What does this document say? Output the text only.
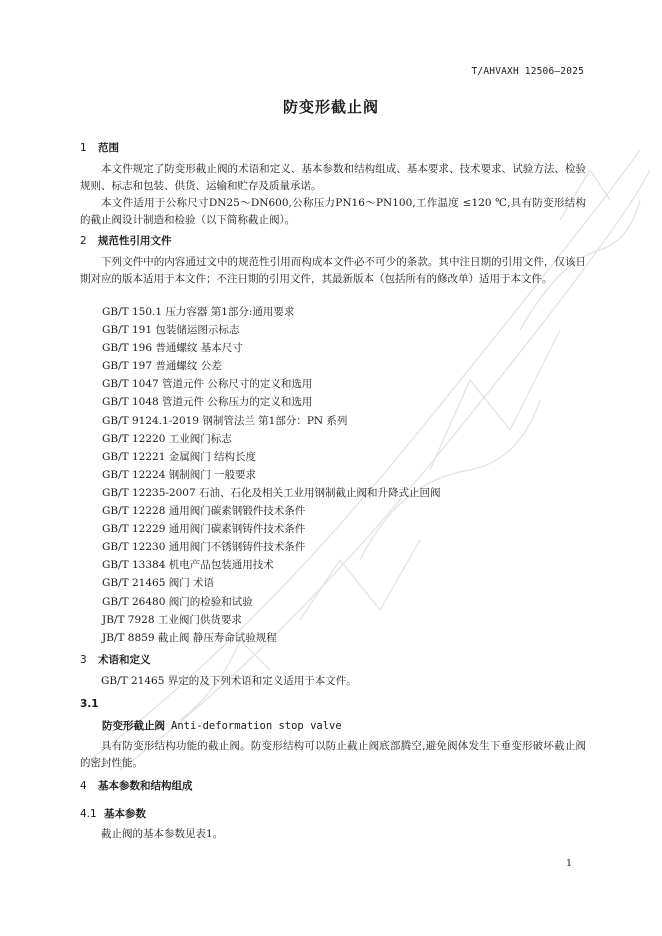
T/AHVAXH 12506—2025
防变形截止阀
1 范围
本文件规定了防变形截止阀的术语和定义、基本参数和结构组成、基本要求、技术要求、试验方法、检验规则、标志和包装、供货、运输和贮存及质量承诺。
本文件适用于公称尺寸DN25～DN600,公称压力PN16～PN100,工作温度 ≤120 ℃,具有防变形结构的截止阀设计制造和检验（以下简称截止阀）。
2 规范性引用文件
下列文件中的内容通过文中的规范性引用而构成本文件必不可少的条款。其中注日期的引用文件，仅该日期对应的版本适用于本文件；不注日期的引用文件，其最新版本（包括所有的修改单）适用于本文件。
GB/T 150.1 压力容器 第1部分:通用要求
GB/T 191 包装储运图示标志
GB/T 196 普通螺纹 基本尺寸
GB/T 197 普通螺纹 公差
GB/T 1047 管道元件 公称尺寸的定义和选用
GB/T 1048 管道元件 公称压力的定义和选用
GB/T 9124.1-2019 钢制管法兰 第1部分：PN 系列
GB/T 12220 工业阀门标志
GB/T 12221 金属阀门 结构长度
GB/T 12224 钢制阀门 一般要求
GB/T 12235-2007 石油、石化及相关工业用钢制截止阀和升降式止回阀
GB/T 12228 通用阀门碳素钢锻件技术条件
GB/T 12229 通用阀门碳素钢铸件技术条件
GB/T 12230 通用阀门不锈钢铸件技术条件
GB/T 13384 机电产品包装通用技术
GB/T 21465 阀门 术语
GB/T 26480 阀门的检验和试验
JB/T 7928 工业阀门供货要求
JB/T 8859 截止阀 静压寿命试验规程
3 术语和定义
GB/T 21465 界定的及下列术语和定义适用于本文件。
3.1
防变形截止阀 Anti-deformation stop valve
具有防变形结构功能的截止阀。防变形结构可以防止截止阀底部腾空,避免阀体发生下垂变形破坏截止阀的密封性能。
4 基本参数和结构组成
4.1 基本参数
截止阀的基本参数见表1。
1
